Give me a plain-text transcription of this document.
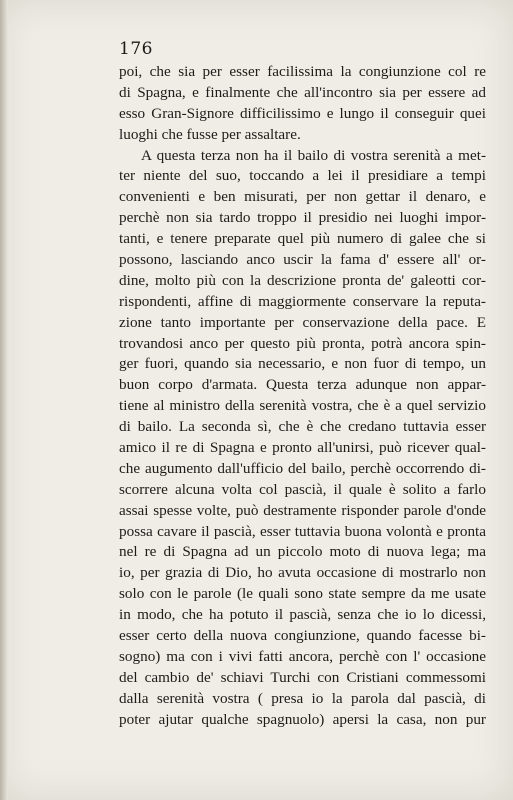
176
poi, che sia per esser facilissima la congiunzione col re
di Spagna, e finalmente che all'incontro sia per essere ad
esso Gran-Signore difficilissimo e lungo il conseguir quei
luoghi che fusse per assaltare.
A questa terza non ha il bailo di vostra serenità a met-
ter niente del suo, toccando a lei il presidiare a tempi
convenienti e ben misurati, per non gettar il denaro, e
perchè non sia tardo troppo il presidio nei luoghi impor-
tanti, e tenere preparate quel più numero di galee che si
possono, lasciando anco uscir la fama d' essere all' or-
dine, molto più con la descrizione pronta de' galeotti cor-
rispondenti, affine di maggiormente conservare la reputa-
zione tanto importante per conservazione della pace. E
trovandosi anco per questo più pronta, potrà ancora spin-
ger fuori, quando sia necessario, e non fuor di tempo, un
buon corpo d'armata. Questa terza adunque non appar-
tiene al ministro della serenità vostra, che è a quel servizio
di bailo. La seconda sì, che è che credano tuttavia esser
amico il re di Spagna e pronto all'unirsi, può ricever qual-
che augumento dall'ufficio del bailo, perchè occorrendo di-
scorrere alcuna volta col pascià, il quale è solito a farlo
assai spesse volte, può destramente risponder parole d'onde
possa cavare il pascià, esser tuttavia buona volontà e pronta
nel re di Spagna ad un piccolo moto di nuova lega; ma
io, per grazia di Dio, ho avuta occasione di mostrarlo non
solo con le parole (le quali sono state sempre da me usate
in modo, che ha potuto il pascià, senza che io lo dicessi,
esser certo della nuova congiunzione, quando facesse bi-
sogno) ma con i vivi fatti ancora, perchè con l' occasione
del cambio de' schiavi Turchi con Cristiani commessomi
dalla serenità vostra ( presa io la parola dal pascià, di
poter ajutar qualche spagnuolo) apersi la casa, non pur
